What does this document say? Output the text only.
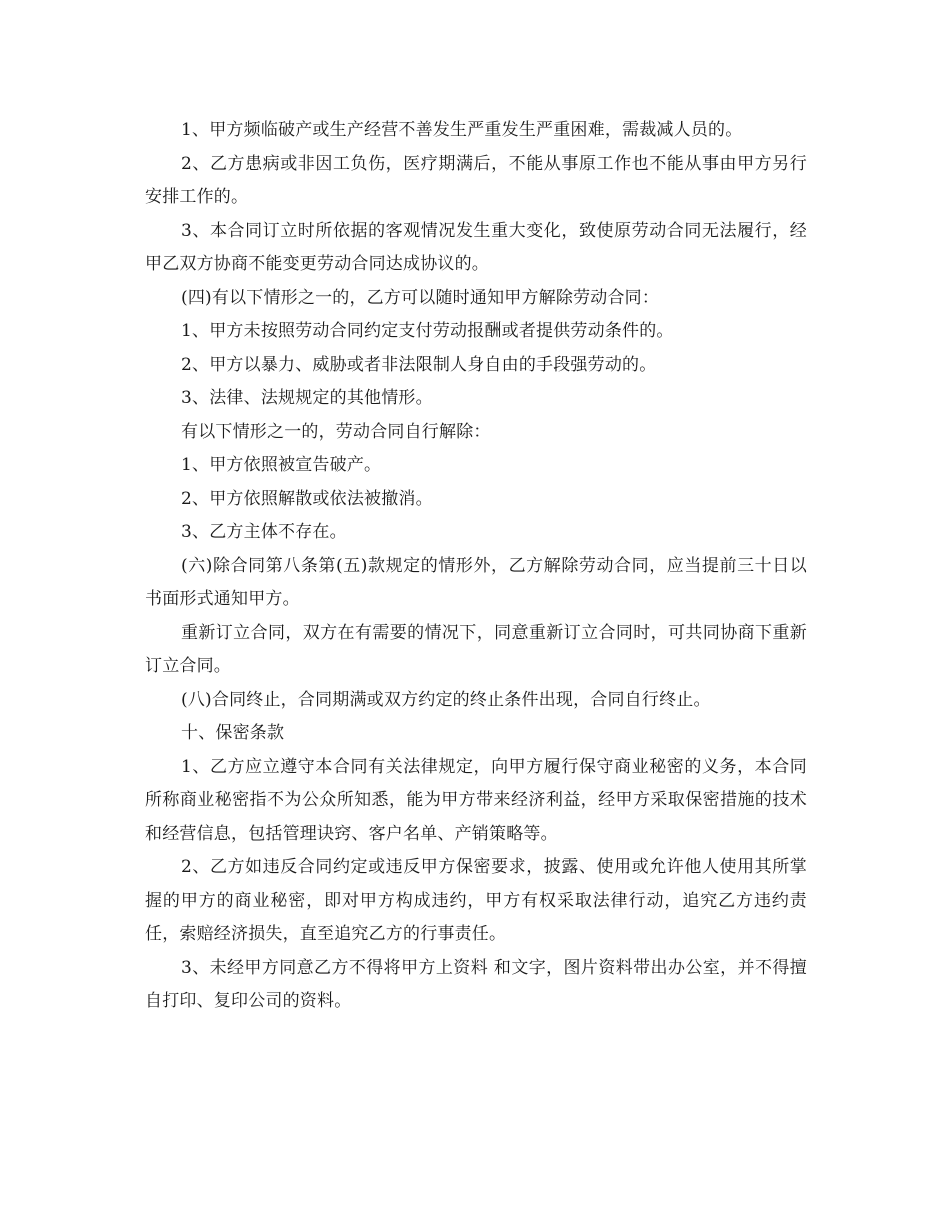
1、甲方频临破产或生产经营不善发生严重发生严重困难，需裁减人员的。

2、乙方患病或非因工负伤，医疗期满后，不能从事原工作也不能从事由甲方另行安排工作的。

3、本合同订立时所依据的客观情况发生重大变化，致使原劳动合同无法履行，经甲乙双方协商不能变更劳动合同达成协议的。

(四)有以下情形之一的，乙方可以随时通知甲方解除劳动合同：

1、甲方未按照劳动合同约定支付劳动报酬或者提供劳动条件的。

2、甲方以暴力、威胁或者非法限制人身自由的手段强劳动的。

3、法律、法规规定的其他情形。

有以下情形之一的，劳动合同自行解除：

1、甲方依照被宣告破产。

2、甲方依照解散或依法被撤消。

3、乙方主体不存在。

(六)除合同第八条第(五)款规定的情形外，乙方解除劳动合同，应当提前三十日以书面形式通知甲方。

重新订立合同，双方在有需要的情况下，同意重新订立合同时，可共同协商下重新订立合同。

(八)合同终止，合同期满或双方约定的终止条件出现，合同自行终止。

十、保密条款

1、乙方应立遵守本合同有关法律规定，向甲方履行保守商业秘密的义务，本合同所称商业秘密指不为公众所知悉，能为甲方带来经济利益，经甲方采取保密措施的技术和经营信息，包括管理诀窍、客户名单、产销策略等。

2、乙方如违反合同约定或违反甲方保密要求，披露、使用或允许他人使用其所掌握的甲方的商业秘密，即对甲方构成违约，甲方有权采取法律行动，追究乙方违约责任，索赔经济损失，直至追究乙方的行事责任。

3、未经甲方同意乙方不得将甲方上资料 和文字，图片资料带出办公室，并不得擅自打印、复印公司的资料。
